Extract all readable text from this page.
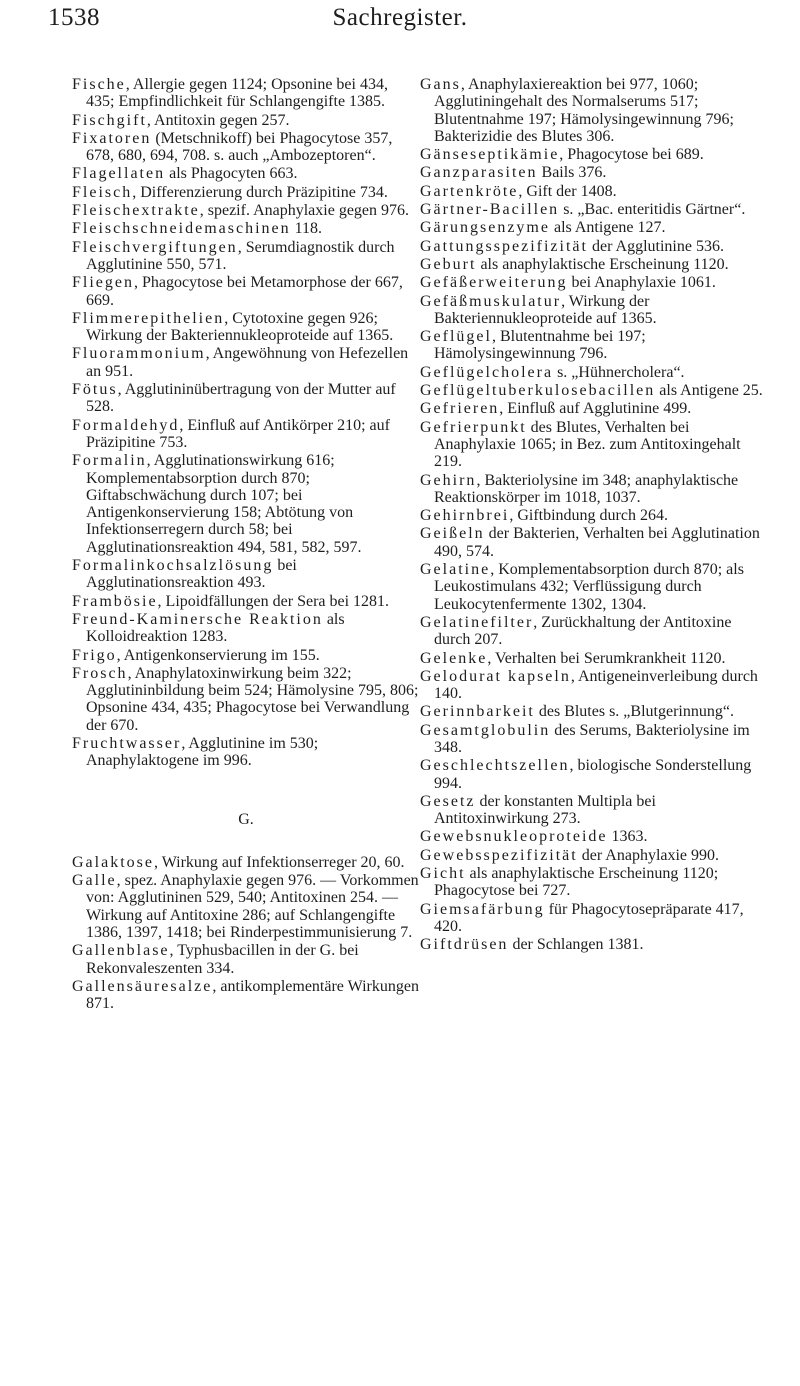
1538	Sachregister.
Fische, Allergie gegen 1124; Opsonine bei 434, 435; Empfindlichkeit für Schlangengifte 1385.
Fischgift, Antitoxin gegen 257.
Fixatoren (Metschnikoff) bei Phagocytose 357, 678, 680, 694, 708. s. auch „Ambozeptoren“.
Flagellaten als Phagocyten 663.
Fleisch, Differenzierung durch Präzipitine 734.
Fleischextrakte, spezif. Anaphylaxie gegen 976.
Fleischschneidemaschinen 118.
Fleischvergiftungen, Serumdiagnostik durch Agglutinine 550, 571.
Fliegen, Phagocytose bei Metamorphose der 667, 669.
Flimmerepithelien, Cytotoxine gegen 926; Wirkung der Bakteriennukleoproteide auf 1365.
Fluorammonium, Angewöhnung von Hefezellen an 951.
Fötus, Agglutininübertragung von der Mutter auf 528.
Formaldehyd, Einfluß auf Antikörper 210; auf Präzipitine 753.
Formalin, Agglutinationswirkung 616; Komplementabsorption durch 870; Giftabschwächung durch 107; bei Antigenkonservierung 158; Abtötung von Infektionserregern durch 58; bei Agglutinationsreaktion 494, 581, 582, 597.
Formalinkochsalzlösung bei Agglutinationsreaktion 493.
Frambösie, Lipoidfällungen der Sera bei 1281.
Freund-Kaminersche Reaktion als Kolloidreaktion 1283.
Frigo, Antigenkonservierung im 155.
Frosch, Anaphylatoxinwirkung beim 322; Agglutininbildung beim 524; Hämolysine 795, 806; Opsonine 434, 435; Phagocytose bei Verwandlung der 670.
Fruchtwasser, Agglutinine im 530; Anaphylaktogene im 996.
G.
Galaktose, Wirkung auf Infektionserreger 20, 60.
Galle, spez. Anaphylaxie gegen 976. — Vorkommen von: Agglutininen 529, 540; Antitoxinen 254. — Wirkung auf Antitoxine 286; auf Schlangengifte 1386, 1397, 1418; bei Rinderpestimmunisierung 7.
Gallenblase, Typhusbacillen in der G. bei Rekonvaleszenten 334.
Gallensäuresalze, antikomplementäre Wirkungen 871.
Gans, Anaphylaxiereaktion bei 977, 1060; Agglutiningehalt des Normalserums 517; Blutentnahme 197; Hämolysingewinnung 796; Bakterizidie des Blutes 306.
Gänseseptikämie, Phagocytose bei 689.
Ganzparasiten Bails 376.
Gartenkröte, Gift der 1408.
Gärtner-Bacillen s. „Bac. enteritidis Gärtner“.
Gärungsenzyme als Antigene 127.
Gattungsspezifizität der Agglutinine 536.
Geburt als anaphylaktische Erscheinung 1120.
Gefäßerweiterung bei Anaphylaxie 1061.
Gefäßmuskulatur, Wirkung der Bakteriennukleoproteide auf 1365.
Geflügel, Blutentnahme bei 197; Hämolysingewinnung 796.
Geflügelcholera s. „Hühnercholera“.
Geflügeltuberkulosebacillen als Antigene 25.
Gefrieren, Einfluß auf Agglutinine 499.
Gefrierpunkt des Blutes, Verhalten bei Anaphylaxie 1065; in Bez. zum Antitoxingehalt 219.
Gehirn, Bakteriolysine im 348; anaphylaktische Reaktionskörper im 1018, 1037.
Gehirnbrei, Giftbindung durch 264.
Geißeln der Bakterien, Verhalten bei Agglutination 490, 574.
Gelatine, Komplementabsorption durch 870; als Leukostimulans 432; Verflüssigung durch Leukocytenfermente 1302, 1304.
Gelatinefilter, Zurückhaltung der Antitoxine durch 207.
Gelenke, Verhalten bei Serumkrankheit 1120.
Gelodurat kapseln, Antigeneinverleibung durch 140.
Gerinnbarkeit des Blutes s. „Blutgerinnung“.
Gesamtglobulin des Serums, Bakteriolysine im 348.
Geschlechtszellen, biologische Sonderstellung 994.
Gesetz der konstanten Multipla bei Antitoxinwirkung 273.
Gewebsnukleoproteide 1363.
Gewebsspezifizität der Anaphylaxie 990.
Gicht als anaphylaktische Erscheinung 1120; Phagocytose bei 727.
Giemsafärbung für Phagocytosepräparate 417, 420.
Giftdrüsen der Schlangen 1381.
